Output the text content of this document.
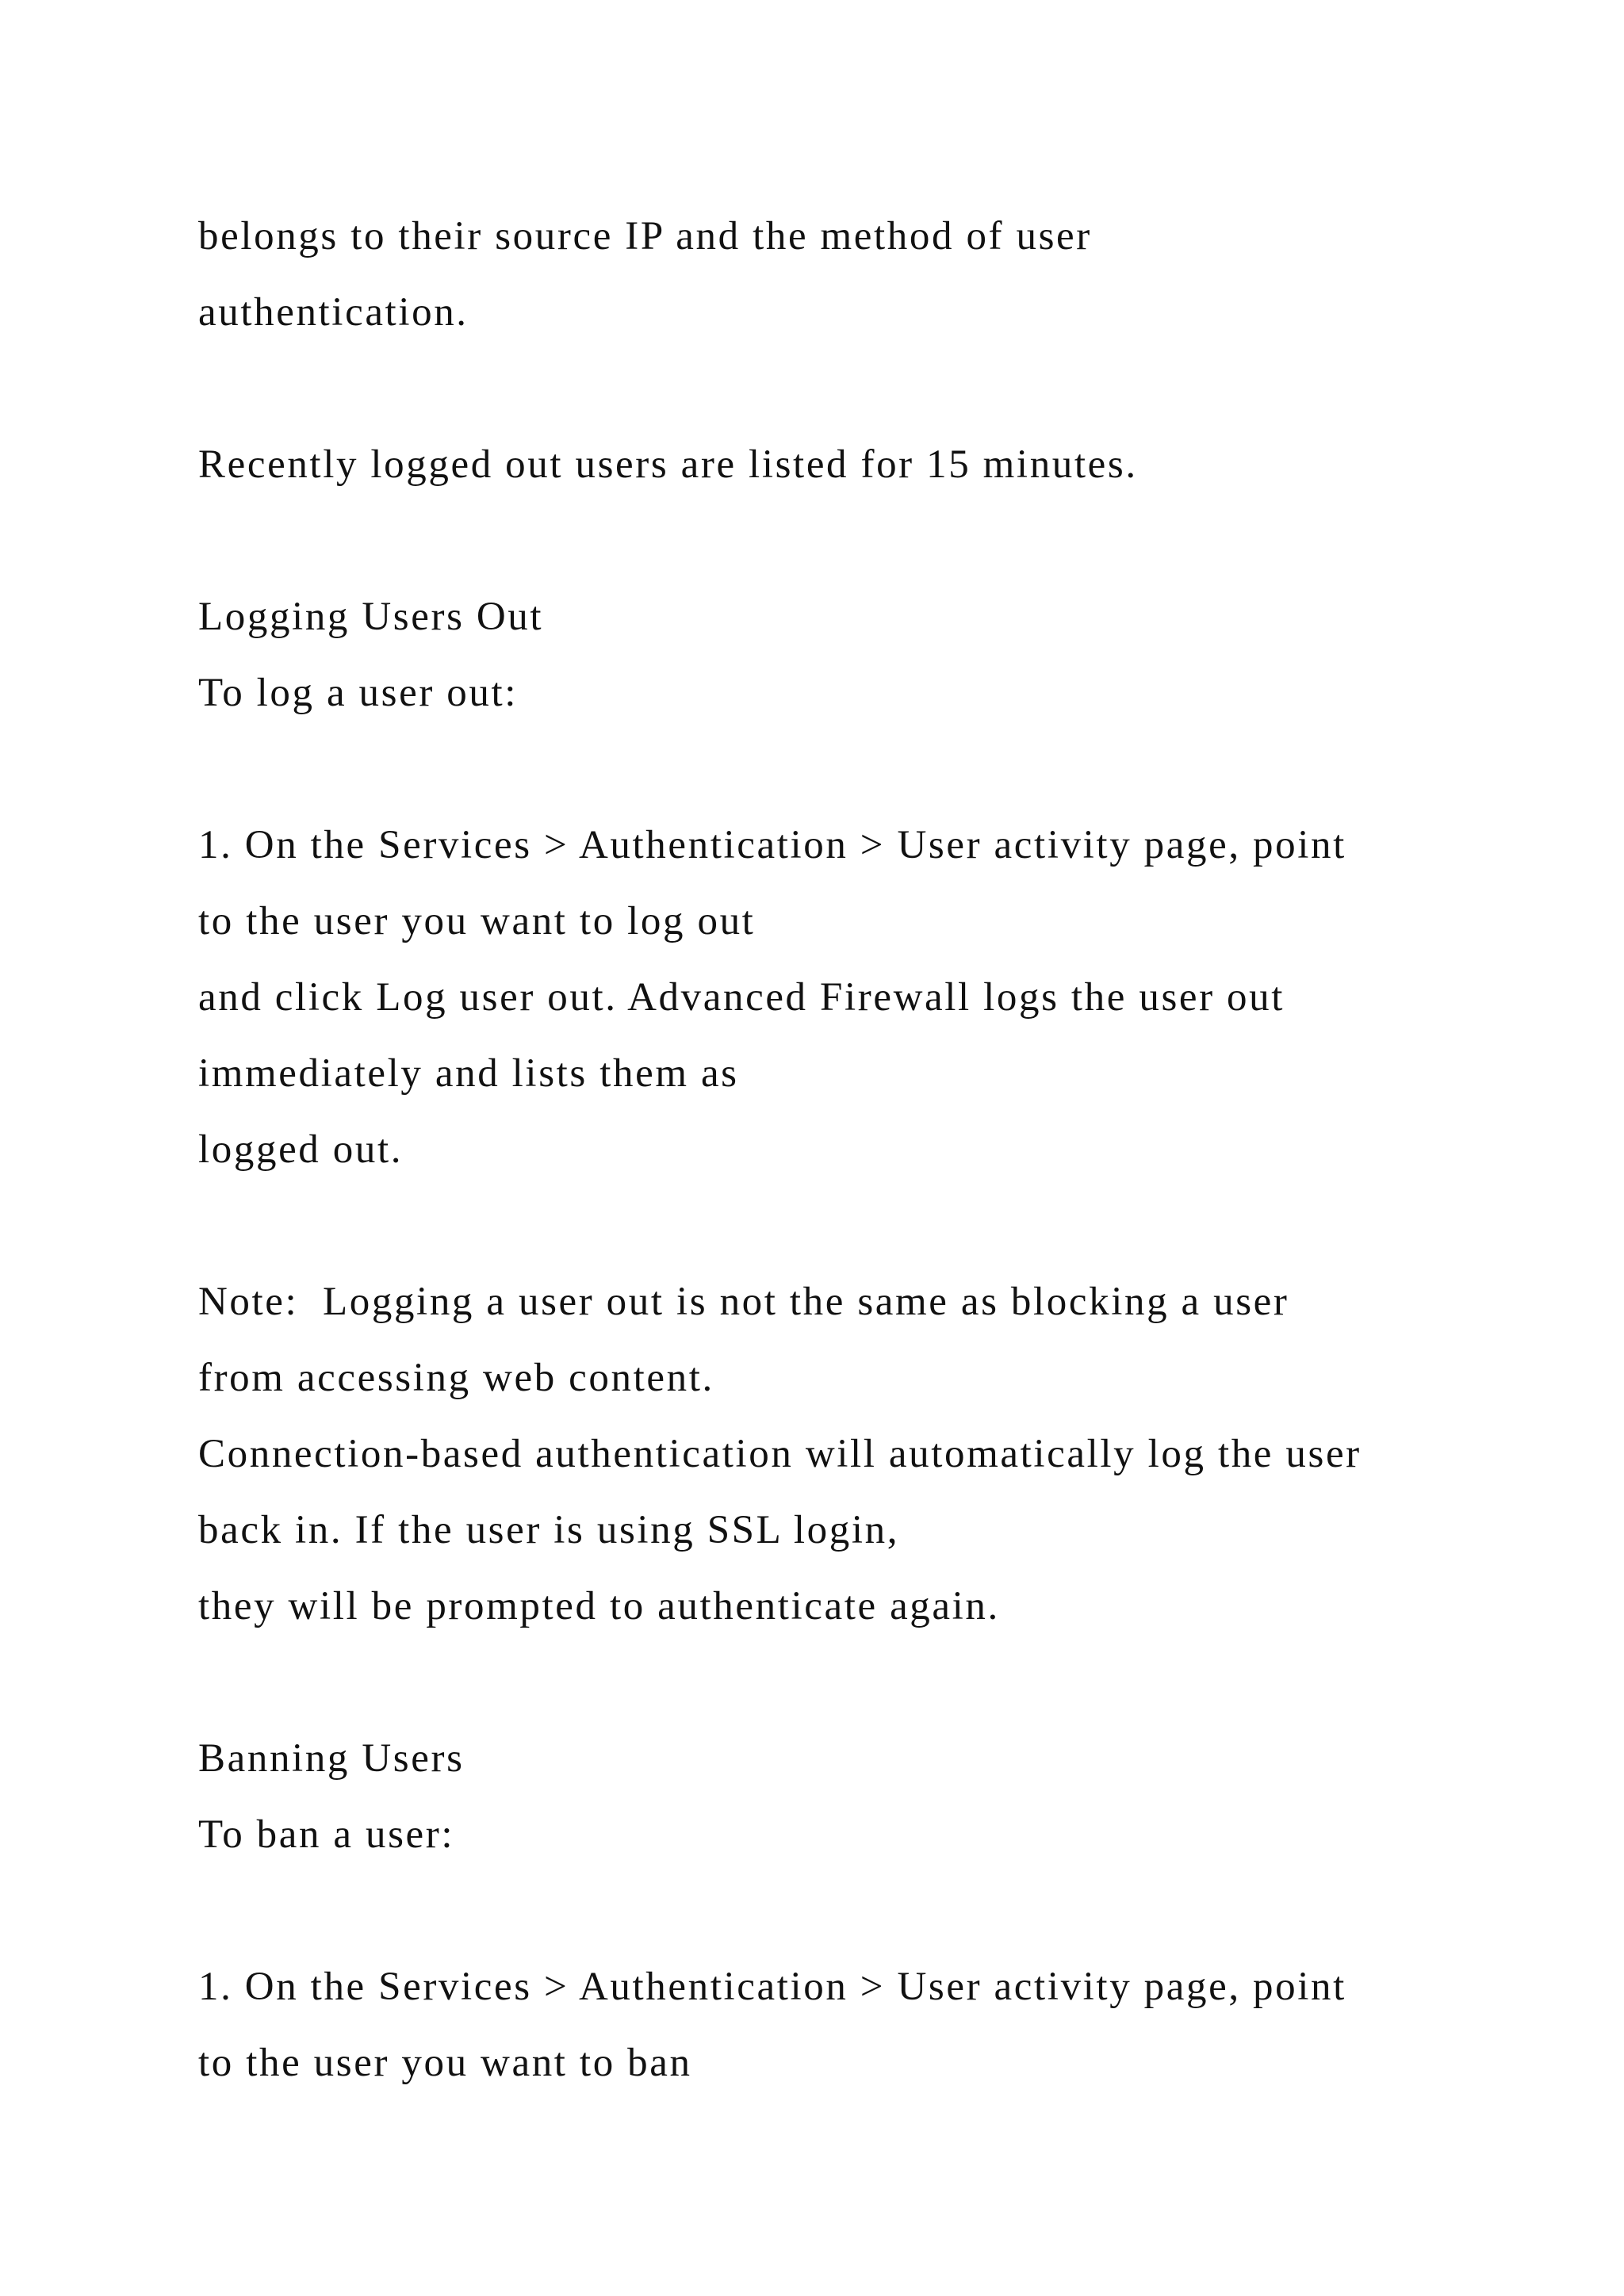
belongs to their source IP and the method of user
authentication.
Recently logged out users are listed for 15 minutes.
Logging Users Out
To log a user out:
1. On the Services > Authentication > User activity page, point
to the user you want to log out
and click Log user out. Advanced Firewall logs the user out
immediately and lists them as
logged out.
Note:  Logging a user out is not the same as blocking a user
from accessing web content.
Connection-based authentication will automatically log the user
back in. If the user is using SSL login,
they will be prompted to authenticate again.
Banning Users
To ban a user:
1. On the Services > Authentication > User activity page, point
to the user you want to ban
